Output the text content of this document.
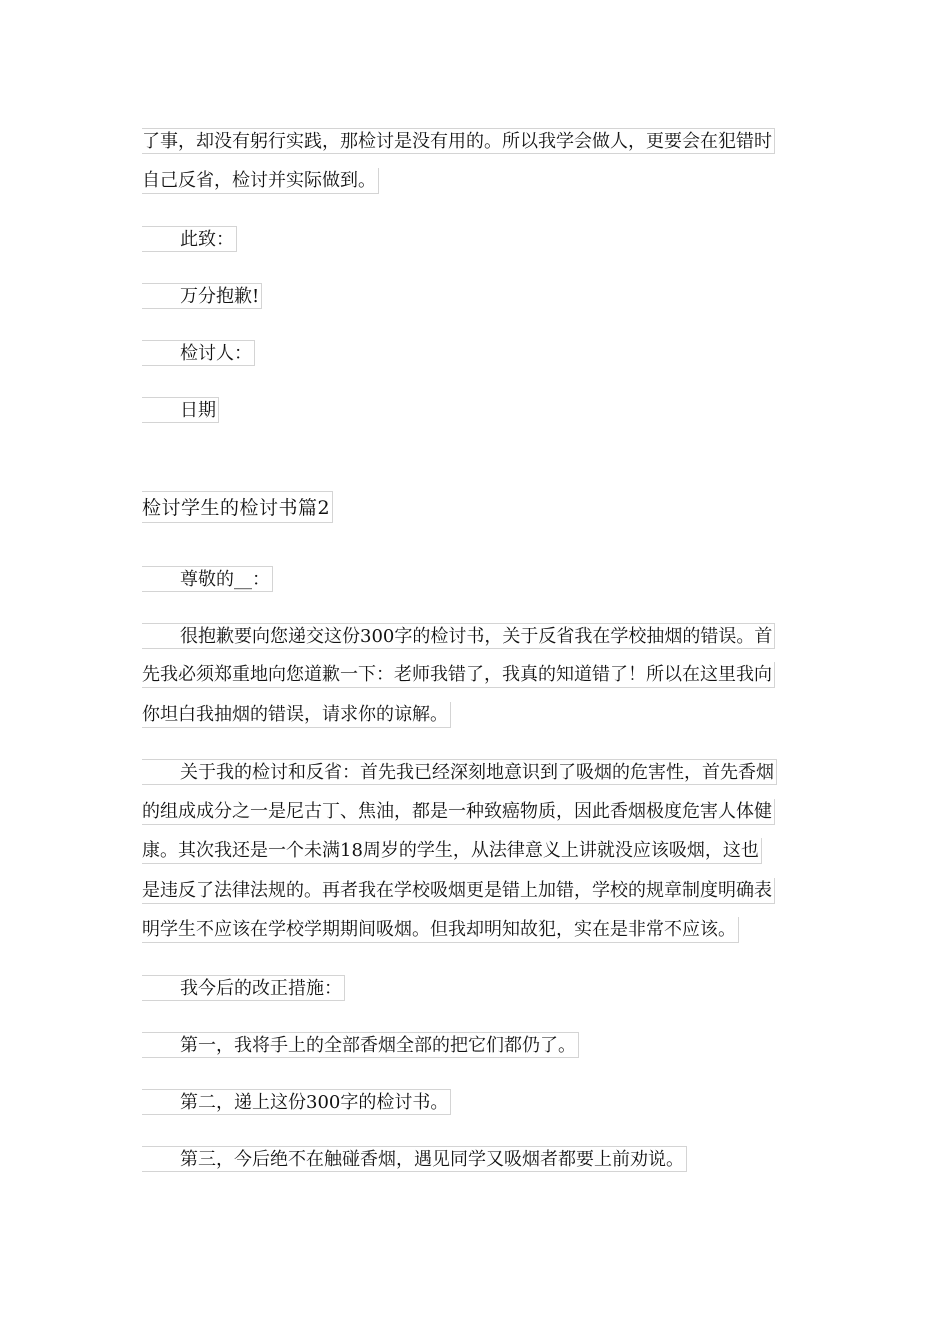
了事，却没有躬行实践，那检讨是没有用的。所以我学会做人，更要会在犯错时
自己反省，检讨并实际做到。
此致：
万分抱歉!
检讨人：
日期
检讨学生的检讨书篇2
尊敬的__：
很抱歉要向您递交这份300字的检讨书，关于反省我在学校抽烟的错误。首
先我必须郑重地向您道歉一下：老师我错了，我真的知道错了！所以在这里我向
你坦白我抽烟的错误，请求你的谅解。
关于我的检讨和反省：首先我已经深刻地意识到了吸烟的危害性，首先香烟
的组成成分之一是尼古丁、焦油，都是一种致癌物质，因此香烟极度危害人体健
康。其次我还是一个未满18周岁的学生，从法律意义上讲就没应该吸烟，这也
是违反了法律法规的。再者我在学校吸烟更是错上加错，学校的规章制度明确表
明学生不应该在学校学期期间吸烟。但我却明知故犯，实在是非常不应该。
我今后的改正措施：
第一，我将手上的全部香烟全部的把它们都仍了。
第二，递上这份300字的检讨书。
第三，今后绝不在触碰香烟，遇见同学又吸烟者都要上前劝说。
